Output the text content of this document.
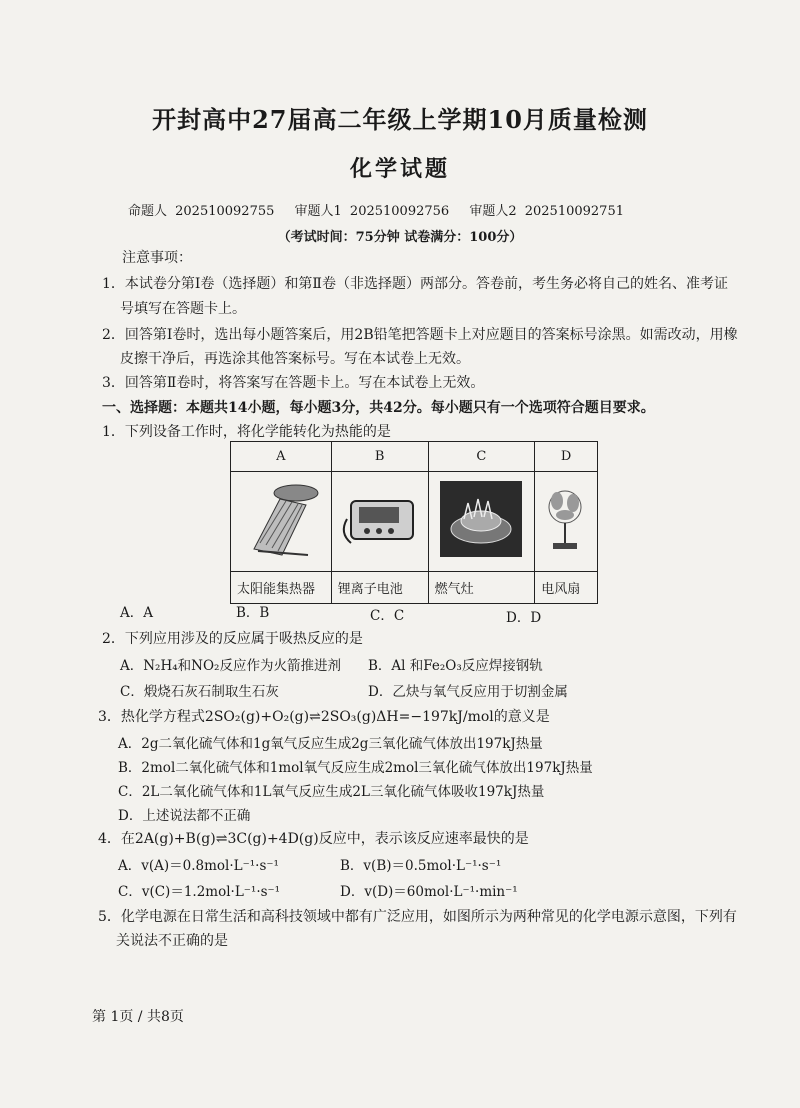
开封高中27届高二年级上学期10月质量检测
化学试题
命题人 202510092755 审题人1 202510092756 审题人2 202510092751
（考试时间：75分钟 试卷满分：100分）
注意事项：
1．本试卷分第Ⅰ卷（选择题）和第Ⅱ卷（非选择题）两部分。答卷前，考生务必将自己的姓名、准考证
号填写在答题卡上。
2．回答第Ⅰ卷时，选出每小题答案后，用2B铅笔把答题卡上对应题目的答案标号涂黑。如需改动，用橡
皮擦干净后，再选涂其他答案标号。写在本试卷上无效。
3．回答第Ⅱ卷时，将答案写在答题卡上。写在本试卷上无效。
一、选择题：本题共14小题，每小题3分，共42分。每小题只有一个选项符合题目要求。
1．下列设备工作时，将化学能转化为热能的是
A	B	C	D

太阳能集热器	锂离子电池	燃气灶	电风扇
A．A	B．B	C．C	D．D
2．下列应用涉及的反应属于吸热反应的是
A．N₂H₄和NO₂反应作为火箭推进剂 B．Al 和Fe₂O₃反应焊接钢轨
C．煅烧石灰石制取生石灰	D．乙炔与氧气反应用于切割金属
3．热化学方程式2SO₂(g)+O₂(g)⇌2SO₃(g)ΔH=−197kJ/mol的意义是
A．2g二氧化硫气体和1g氧气反应生成2g三氧化硫气体放出197kJ热量
B．2mol二氧化硫气体和1mol氧气反应生成2mol三氧化硫气体放出197kJ热量
C．2L二氧化硫气体和1L氧气反应生成2L三氧化硫气体吸收197kJ热量
D．上述说法都不正确
4．在2A(g)+B(g)⇌3C(g)+4D(g)反应中，表示该反应速率最快的是
A．v(A)＝0.8mol·L⁻¹·s⁻¹	B．v(B)＝0.5mol·L⁻¹·s⁻¹
C．v(C)＝1.2mol·L⁻¹·s⁻¹	D．v(D)＝60mol·L⁻¹·min⁻¹
5．化学电源在日常生活和高科技领域中都有广泛应用，如图所示为两种常见的化学电源示意图，下列有
关说法不正确的是
第 1页 / 共8页
